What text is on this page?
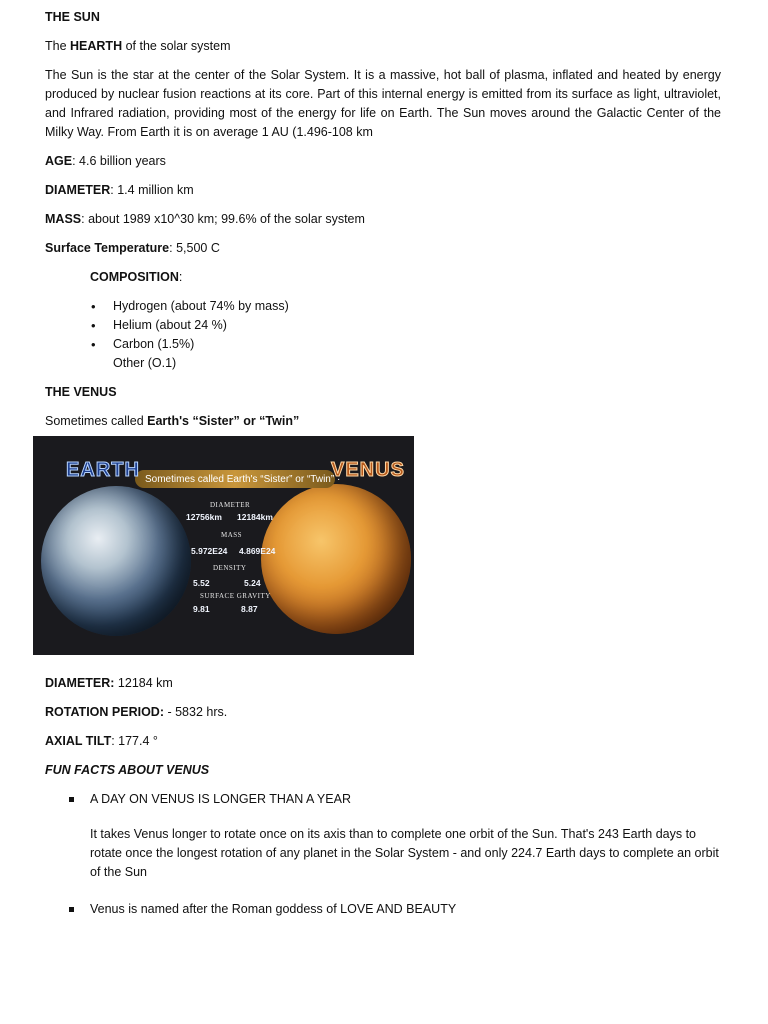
THE SUN

The HEARTH of the solar system

The Sun is the star at the center of the Solar System. It is a massive, hot ball of plasma, inflated and heated by energy produced by nuclear fusion reactions at its core. Part of this internal energy is emitted from its surface as light, ultraviolet, and Infrared radiation, providing most of the energy for life on Earth. The Sun moves around the Galactic Center of the Milky Way. From Earth it is on average 1 AU (1.496-108 km

AGE: 4.6 billion years

DIAMETER: 1.4 million km

MASS: about 1989 x10^30 km; 99.6% of the solar system

Surface Temperature: 5,500 C

COMPOSITION:

• Hydrogen (about 74% by mass)
• Helium (about 24 %)
• Carbon (1.5%)
Other (O.1)

THE VENUS

Sometimes called Earth's “Sister” or “Twin”

Sometimes called Earth's “Sister” or “Twin” ·
EARTH	VENUS
DIAMETER
12756km 12184km
MASS
5.972E24 4.869E24
DENSITY
5.52	5.24
SURFACE GRAVITY
9.81	8.87

DIAMETER: 12184 km

ROTATION PERIOD: - 5832 hrs.

AXIAL TILT: 177.4 °

FUN FACTS ABOUT VENUS

A DAY ON VENUS IS LONGER THAN A YEAR
It takes Venus longer to rotate once on its axis than to complete one orbit of the Sun. That's 243 Earth days to rotate once the longest rotation of any planet in the Solar System - and only 224.7 Earth days to complete an orbit of the Sun
Venus is named after the Roman goddess of LOVE AND BEAUTY
